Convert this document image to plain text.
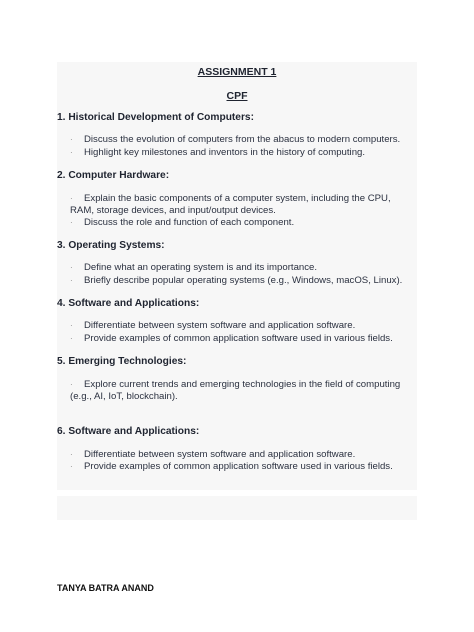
ASSIGNMENT 1
CPF
1. Historical Development of Computers:
· Discuss the evolution of computers from the abacus to modern computers.
· Highlight key milestones and inventors in the history of computing.
2. Computer Hardware:
· Explain the basic components of a computer system, including the CPU,
RAM, storage devices, and input/output devices.
· Discuss the role and function of each component.
3. Operating Systems:
· Define what an operating system is and its importance.
· Briefly describe popular operating systems (e.g., Windows, macOS, Linux).
4. Software and Applications:
· Differentiate between system software and application software.
· Provide examples of common application software used in various fields.
5. Emerging Technologies:
· Explore current trends and emerging technologies in the field of computing
(e.g., AI, IoT, blockchain).
6. Software and Applications:
· Differentiate between system software and application software.
· Provide examples of common application software used in various fields.
TANYA BATRA ANAND
